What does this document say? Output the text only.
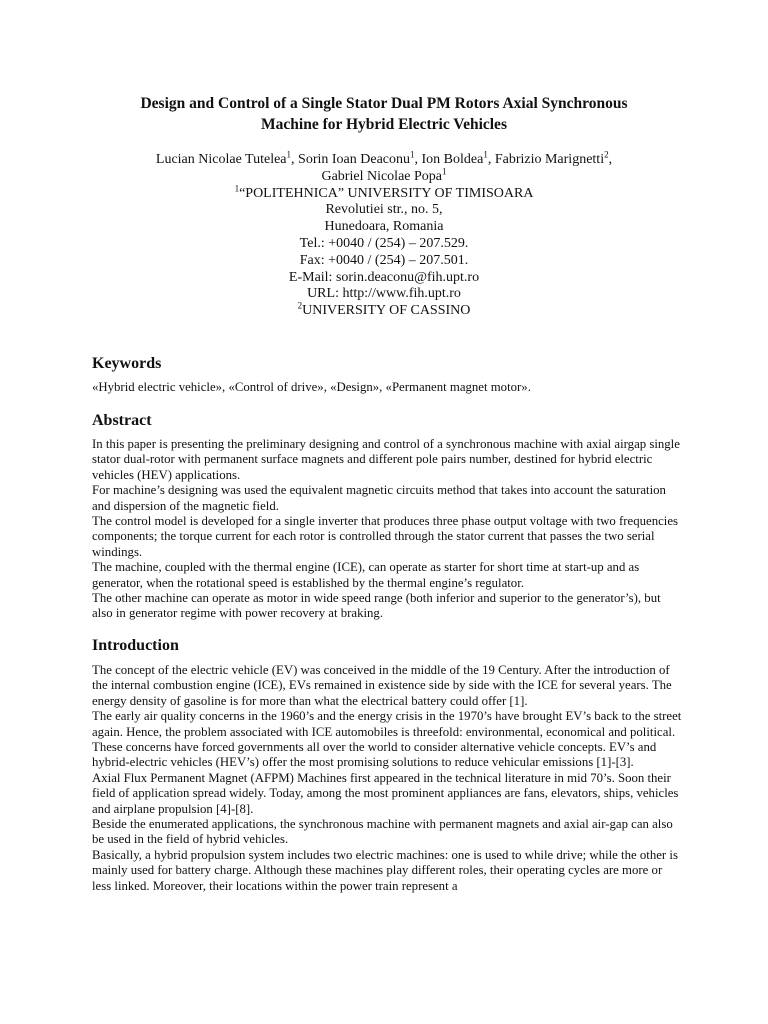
Design and Control of a Single Stator Dual PM Rotors Axial Synchronous
Machine for Hybrid Electric Vehicles
Lucian Nicolae Tutelea$^1$, Sorin Ioan Deaconu$^1$, Ion Boldea$^1$, Fabrizio Marignetti$^2$,
Gabriel Nicolae Popa$^1$
$^1$“POLITEHNICA” UNIVERSITY OF TIMISOARA
Revolutiei str., no. 5,
Hunedoara, Romania
Tel.: +0040 / (254) – 207.529.
Fax: +0040 / (254) – 207.501.
E-Mail: sorin.deaconu@fih.upt.ro
URL: http://www.fih.upt.ro
$^2$UNIVERSITY OF CASSINO
Keywords

«Hybrid electric vehicle», «Control of drive», «Design», «Permanent magnet motor».

Abstract

In this paper is presenting the preliminary designing and control of a synchronous machine with axial airgap single stator dual-rotor with permanent surface magnets and different pole pairs number, destined for hybrid electric vehicles (HEV) applications.

For machine’s designing was used the equivalent magnetic circuits method that takes into account the saturation and dispersion of the magnetic field.

The control model is developed for a single inverter that produces three phase output voltage with two frequencies components; the torque current for each rotor is controlled through the stator current that passes the two serial windings.

The machine, coupled with the thermal engine (ICE), can operate as starter for short time at start-up and as generator, when the rotational speed is established by the thermal engine’s regulator.

The other machine can operate as motor in wide speed range (both inferior and superior to the generator’s), but also in generator regime with power recovery at braking.

Introduction

The concept of the electric vehicle (EV) was conceived in the middle of the 19 Century. After the introduction of the internal combustion engine (ICE), EVs remained in existence side by side with the ICE for several years. The energy density of gasoline is for more than what the electrical battery could offer [1].

The early air quality concerns in the 1960’s and the energy crisis in the 1970’s have brought EV’s back to the street again. Hence, the problem associated with ICE automobiles is threefold: environmental, economical and political. These concerns have forced governments all over the world to consider alternative vehicle concepts. EV’s and hybrid-electric vehicles (HEV’s) offer the most promising solutions to reduce vehicular emissions [1]-[3].

Axial Flux Permanent Magnet (AFPM) Machines first appeared in the technical literature in mid 70’s. Soon their field of application spread widely. Today, among the most prominent appliances are fans, elevators, ships, vehicles and airplane propulsion [4]-[8].

Beside the enumerated applications, the synchronous machine with permanent magnets and axial air-gap can also be used in the field of hybrid vehicles.

Basically, a hybrid propulsion system includes two electric machines: one is used to while drive; while the other is mainly used for battery charge. Although these machines play different roles, their operating cycles are more or less linked. Moreover, their locations within the power train represent a
